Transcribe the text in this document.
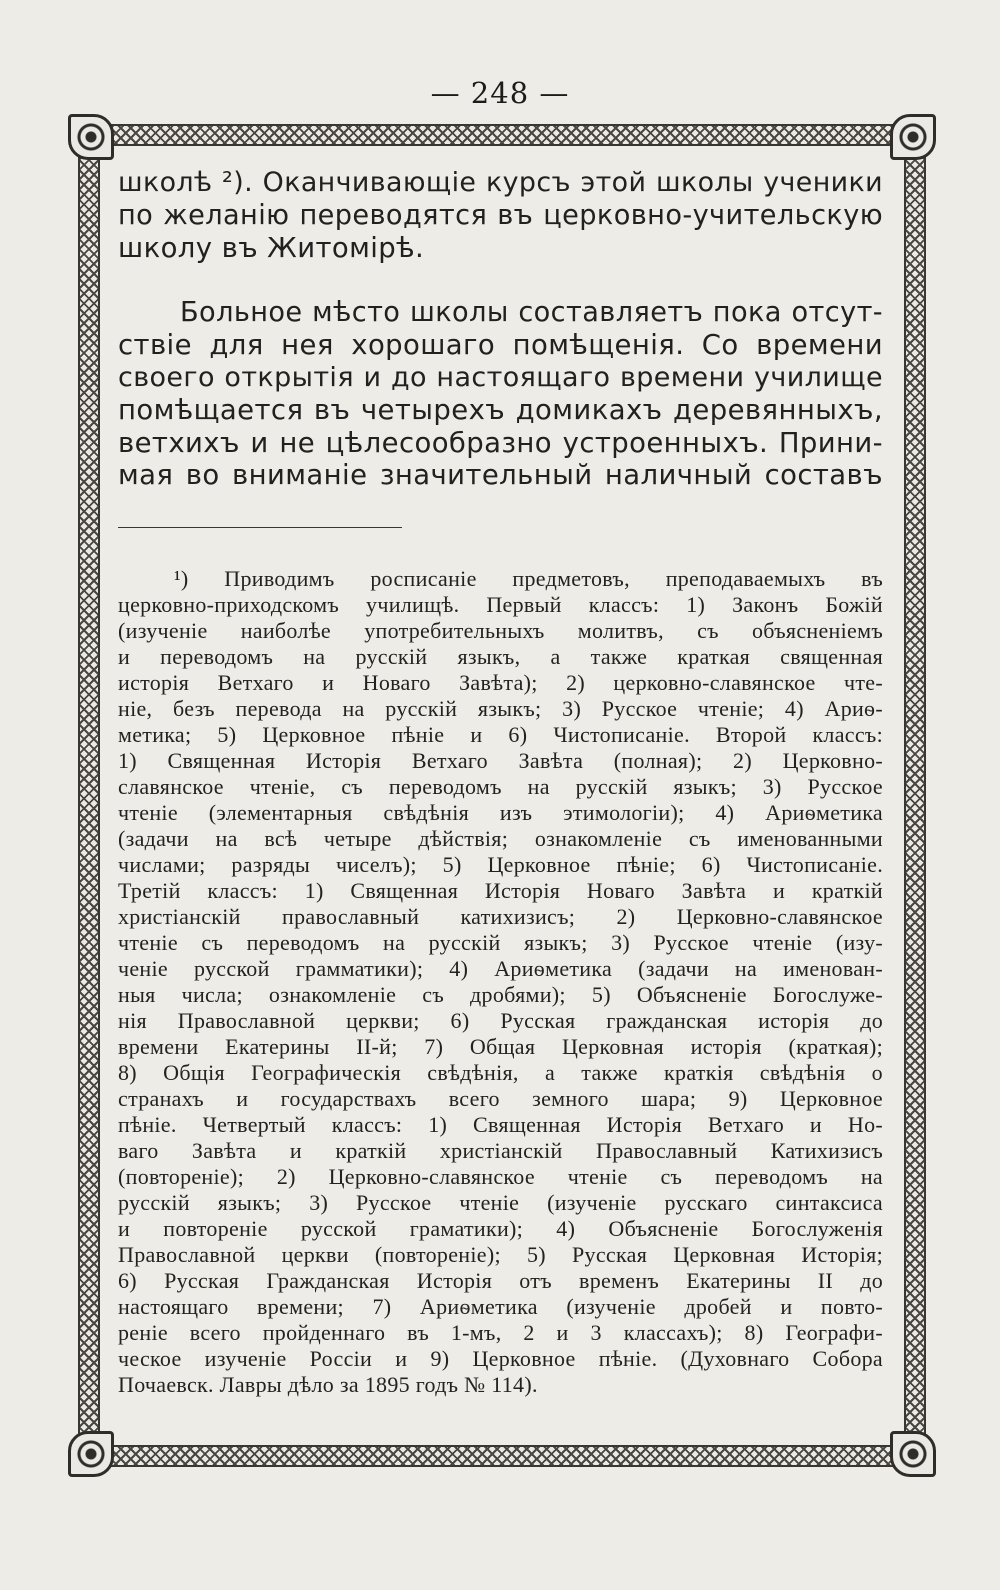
— 248 —
школѣ ²). Оканчивающіе курсъ этой школы ученики
по желанію переводятся въ церковно-учительскую
школу въ Житомірѣ.
Больное мѣсто школы составляетъ пока отсут-
ствіе для нея хорошаго помѣщенія. Со времени
своего открытія и до настоящаго времени училище
помѣщается въ четырехъ домикахъ деревянныхъ,
ветхихъ и не цѣлесообразно устроенныхъ. Прини-
мая во вниманіе значительный наличный составъ
¹) Приводимъ росписаніе предметовъ, преподаваемыхъ въ
церковно-приходскомъ училищѣ. Первый классъ: 1) Законъ Божій
(изученіе наиболѣе употребительныхъ молитвъ, съ объясненіемъ
и переводомъ на русскій языкъ, а также краткая священная
исторія Ветхаго и Новаго Завѣта); 2) церковно-славянское чте-
ніе, безъ перевода на русскій языкъ; 3) Русское чтеніе; 4) Ариѳ-
метика; 5) Церковное пѣніе и 6) Чистописаніе. Второй классъ:
1) Священная Исторія Ветхаго Завѣта (полная); 2) Церковно-
славянское чтеніе, съ переводомъ на русскій языкъ; 3) Русское
чтеніе (элементарныя свѣдѣнія изъ этимологіи); 4) Ариѳметика
(задачи на всѣ четыре дѣйствія; ознакомленіе съ именованными
числами; разряды чиселъ); 5) Церковное пѣніе; 6) Чистописаніе.
Третій классъ: 1) Священная Исторія Новаго Завѣта и краткій
христіанскій православный катихизисъ; 2) Церковно-славянское
чтеніе съ переводомъ на русскій языкъ; 3) Русское чтеніе (изу-
ченіе русской грамматики); 4) Ариѳметика (задачи на именован-
ныя числа; ознакомленіе съ дробями); 5) Объясненіе Богослуже-
нія Православной церкви; 6) Русская гражданская исторія до
времени Екатерины II-й; 7) Общая Церковная исторія (краткая);
8) Общія Географическія свѣдѣнія, а также краткія свѣдѣнія о
странахъ и государствахъ всего земного шара; 9) Церковное
пѣніе. Четвертый классъ: 1) Священная Исторія Ветхаго и Но-
ваго Завѣта и краткій христіанскій Православный Катихизисъ
(повтореніе); 2) Церковно-славянское чтеніе съ переводомъ на
русскій языкъ; 3) Русское чтеніе (изученіе русскаго синтаксиса
и повтореніе русской граматики); 4) Объясненіе Богослуженія
Православной церкви (повтореніе); 5) Русская Церковная Исторія;
6) Русская Гражданская Исторія отъ временъ Екатерины II до
настоящаго времени; 7) Ариѳметика (изученіе дробей и повто-
реніе всего пройденнаго въ 1-мъ, 2 и 3 классахъ); 8) Географи-
ческое изученіе Россіи и 9) Церковное пѣніе. (Духовнаго Собора
Почаевск. Лавры дѣло за 1895 годъ № 114).
